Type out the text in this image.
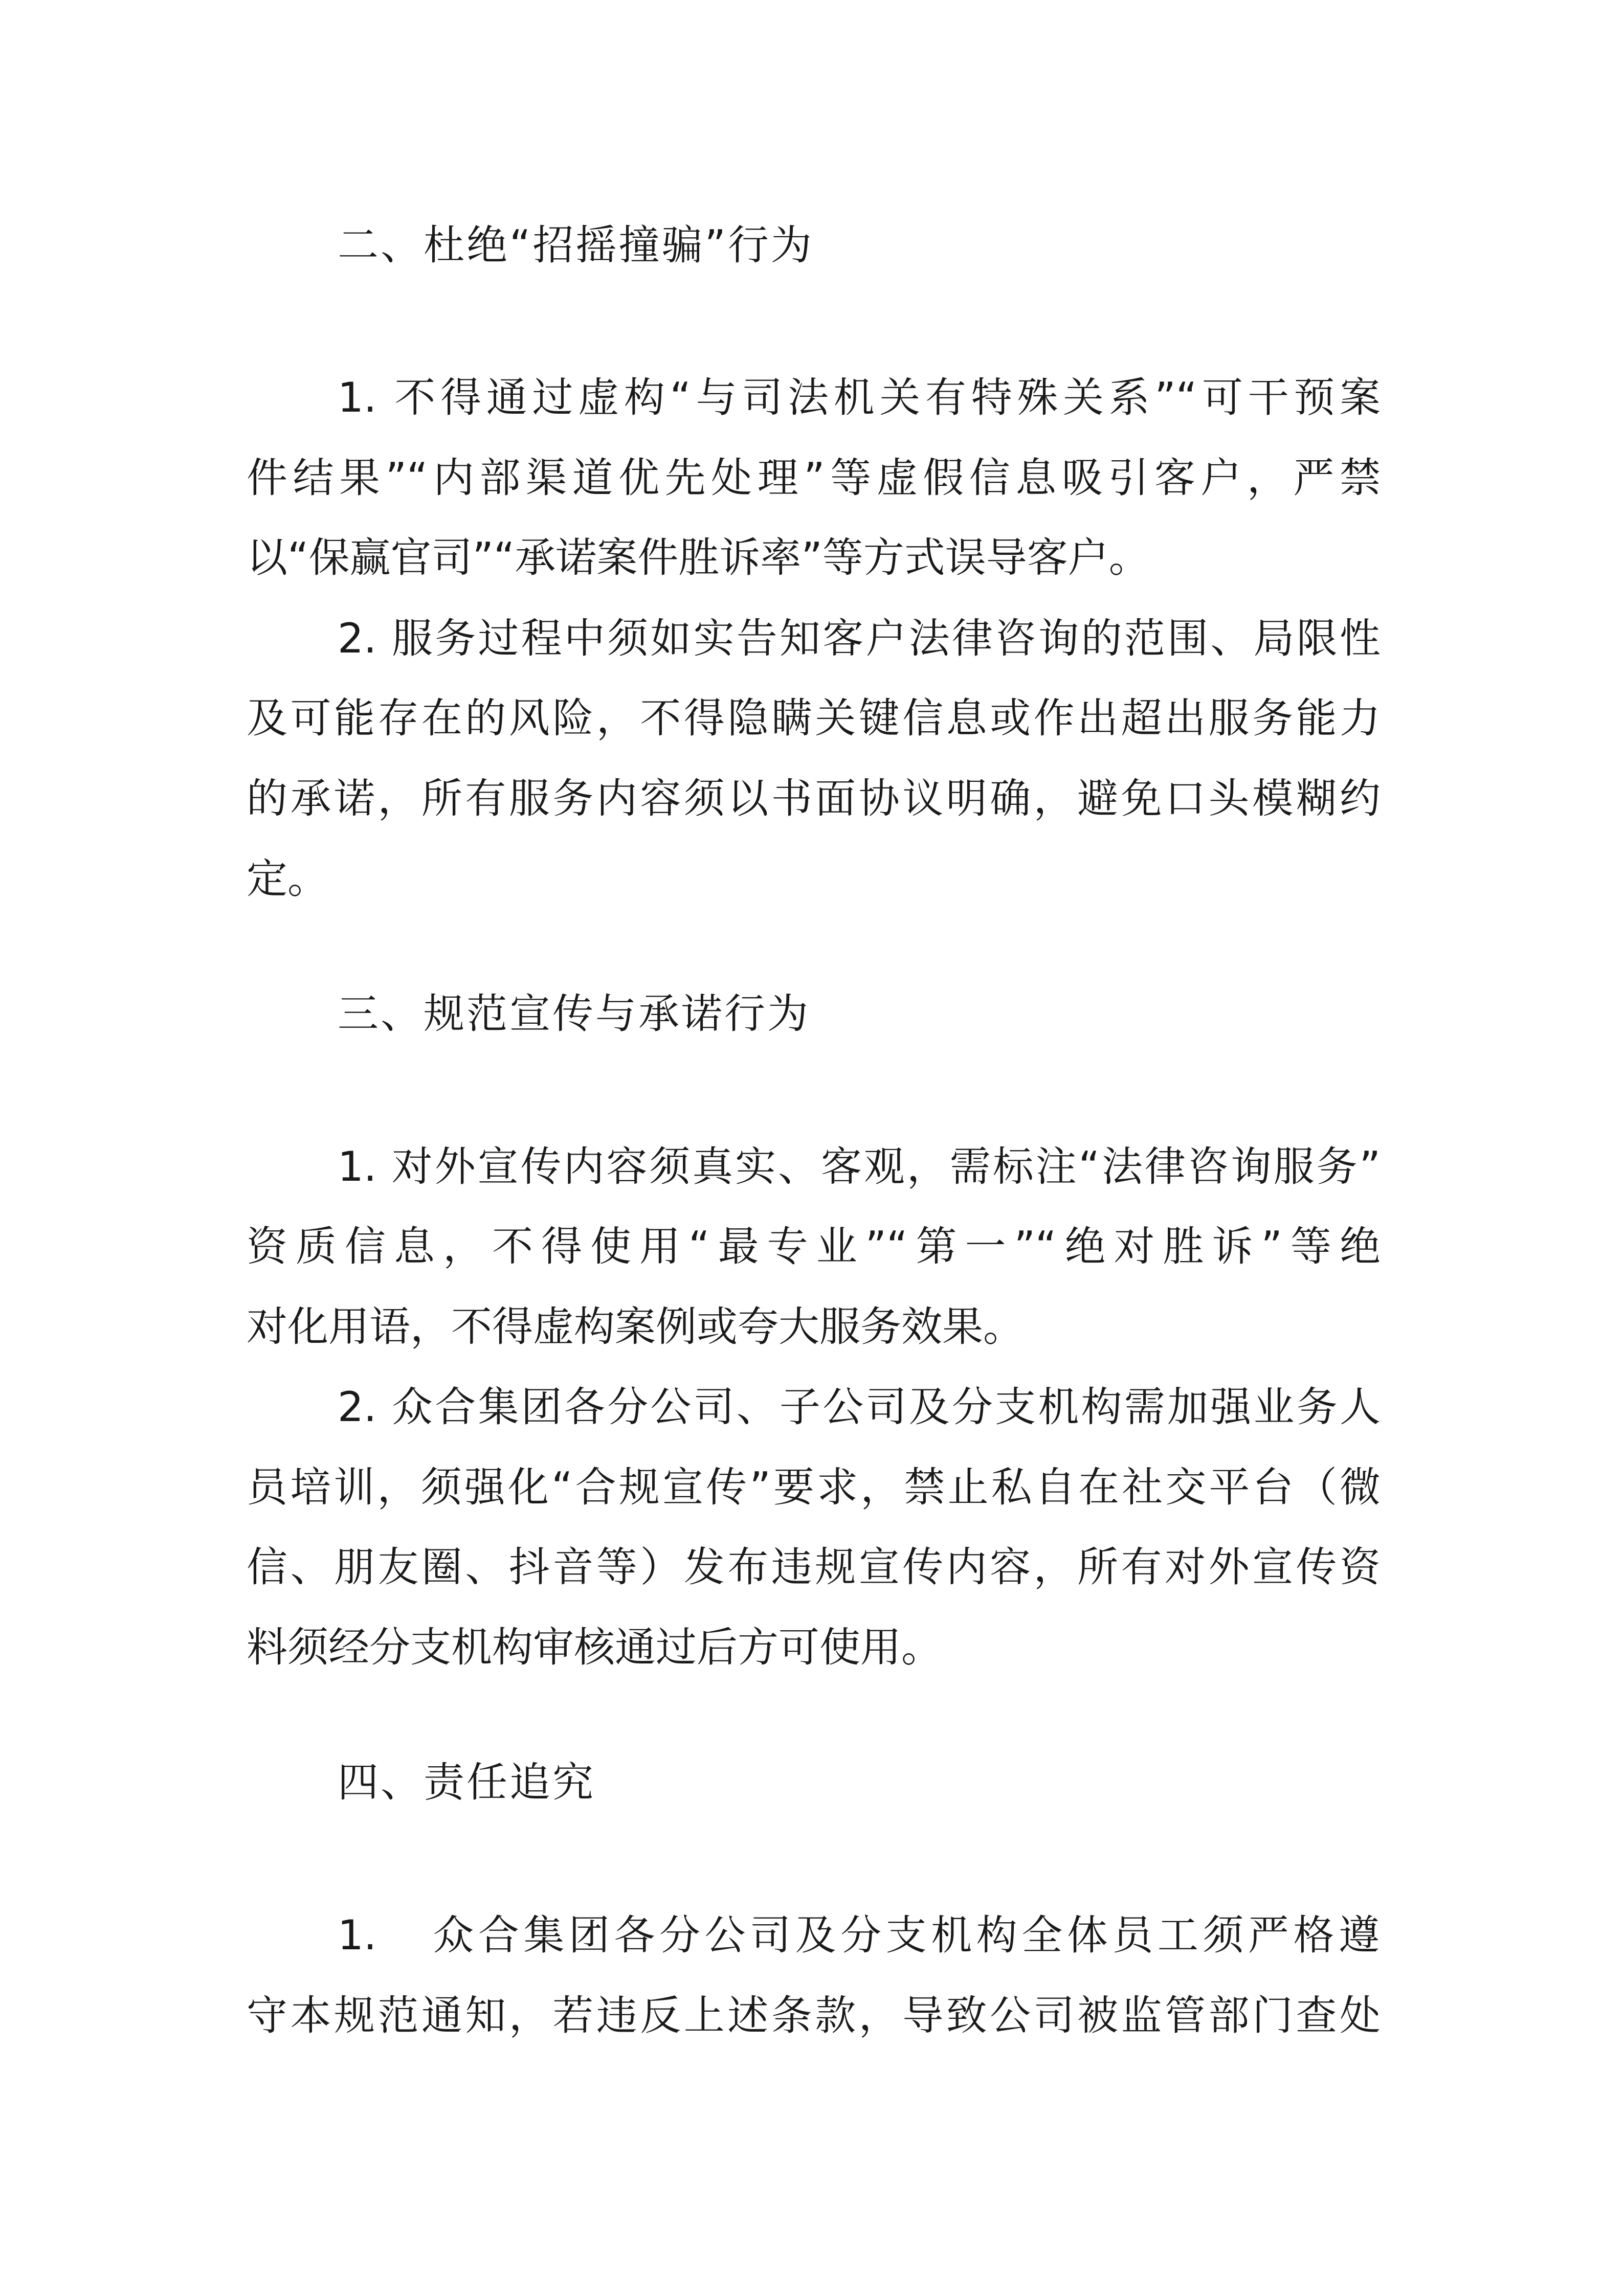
二、杜绝“招摇撞骗”行为

1. 不得通过虚构“与司法机关有特殊关系”“可干预案

件结果”“内部渠道优先处理”等虚假信息吸引客户，严禁

以“保赢官司”“承诺案件胜诉率”等方式误导客户。

2. 服务过程中须如实告知客户法律咨询的范围、局限性

及可能存在的风险，不得隐瞒关键信息或作出超出服务能力

的承诺，所有服务内容须以书面协议明确，避免口头模糊约

定。

三、规范宣传与承诺行为

1. 对外宣传内容须真实、客观，需标注“法律咨询服务”

资质信息，不得使用“最专业”“第一”“绝对胜诉”等绝

对化用语，不得虚构案例或夸大服务效果。

2. 众合集团各分公司、子公司及分支机构需加强业务人

员培训，须强化“合规宣传”要求，禁止私自在社交平台（微

信、朋友圈、抖音等）发布违规宣传内容，所有对外宣传资

料须经分支机构审核通过后方可使用。

四、责任追究
1. 众合集团各分公司及分支机构全体员工须严格遵

守本规范通知，若违反上述条款，导致公司被监管部门查处
